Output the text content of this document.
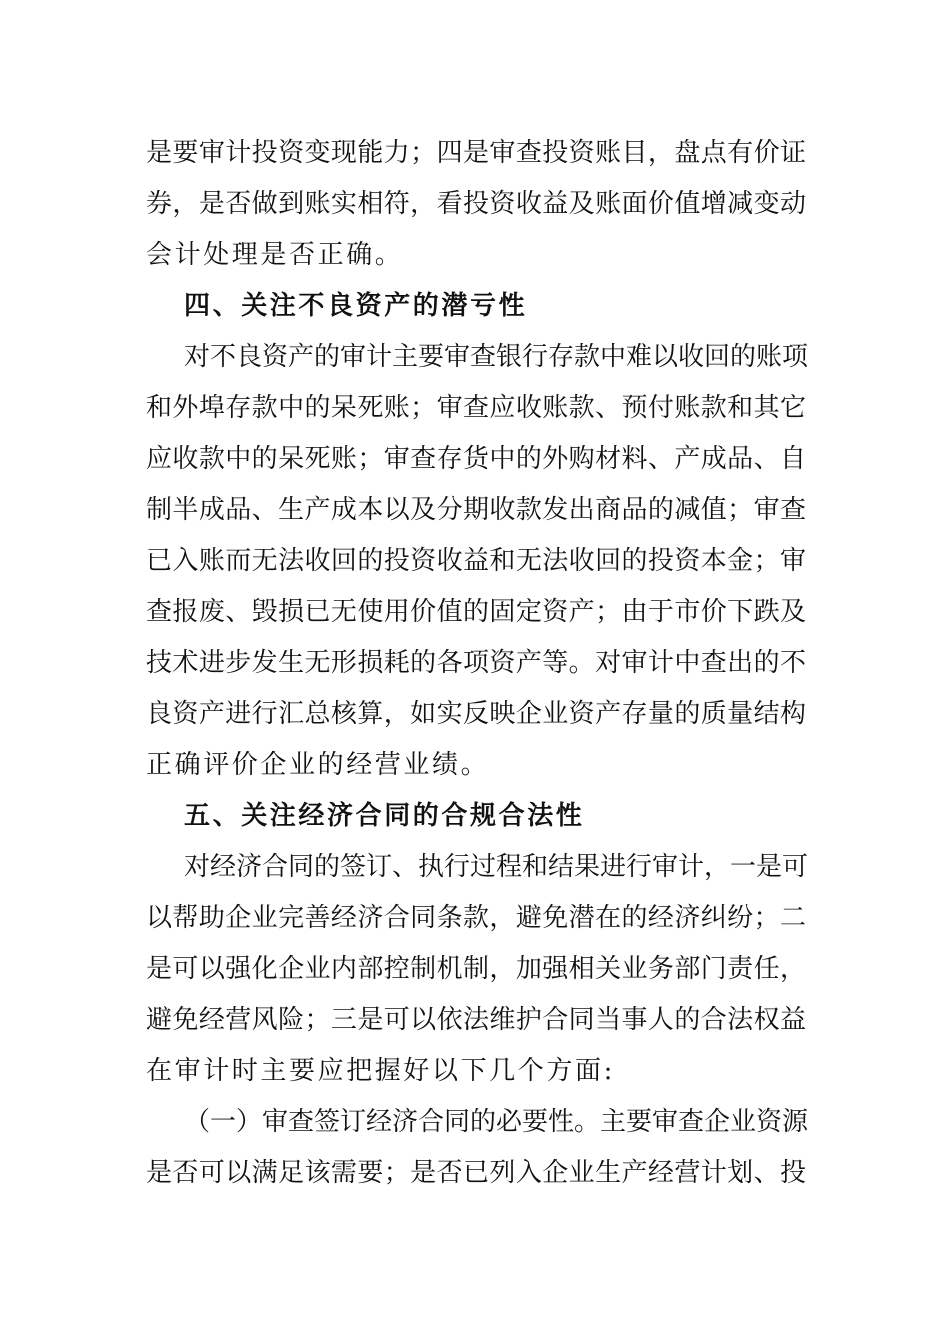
是要审计投资变现能力；四是审查投资账目，盘点有价证
券，是否做到账实相符，看投资收益及账面价值增减变动
会计处理是否正确。
四、关注不良资产的潜亏性
对不良资产的审计主要审查银行存款中难以收回的账项
和外埠存款中的呆死账；审查应收账款、预付账款和其它
应收款中的呆死账；审查存货中的外购材料、产成品、自
制半成品、生产成本以及分期收款发出商品的减值；审查
已入账而无法收回的投资收益和无法收回的投资本金；审
查报废、毁损已无使用价值的固定资产；由于市价下跌及
技术进步发生无形损耗的各项资产等。对审计中查出的不
良资产进行汇总核算，如实反映企业资产存量的质量结构
正确评价企业的经营业绩。
五、关注经济合同的合规合法性
对经济合同的签订、执行过程和结果进行审计，一是可
以帮助企业完善经济合同条款，避免潜在的经济纠纷；二
是可以强化企业内部控制机制，加强相关业务部门责任，
避免经营风险；三是可以依法维护合同当事人的合法权益
在审计时主要应把握好以下几个方面:
（一）审查签订经济合同的必要性。主要审查企业资源
是否可以满足该需要；是否已列入企业生产经营计划、投
